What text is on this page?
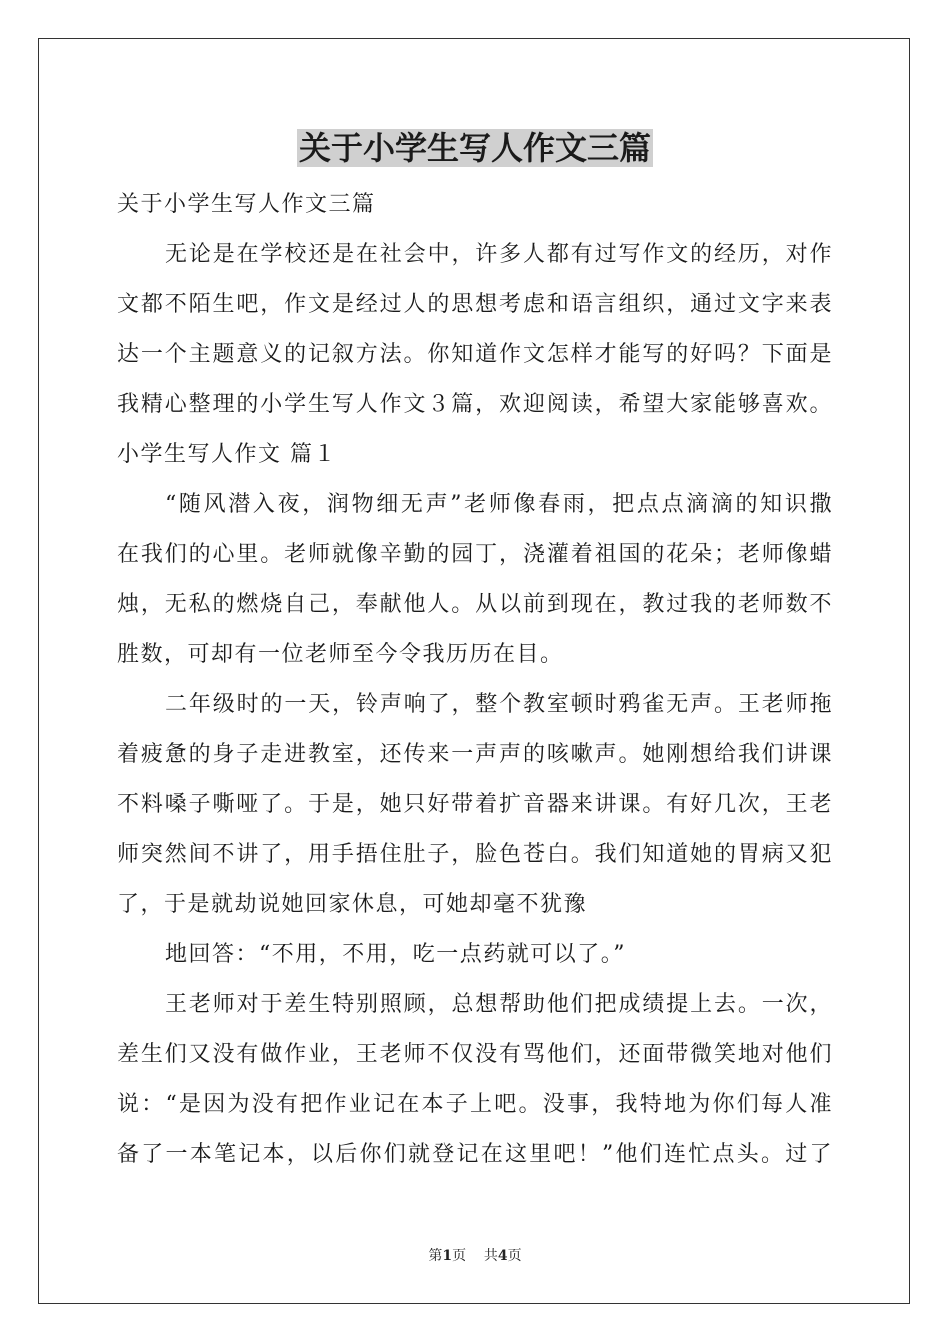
关于小学生写人作文三篇
关于小学生写人作文三篇
无论是在学校还是在社会中，许多人都有过写作文的经历，对作
文都不陌生吧，作文是经过人的思想考虑和语言组织，通过文字来表
达一个主题意义的记叙方法。你知道作文怎样才能写的好吗？下面是
我精心整理的小学生写人作文３篇，欢迎阅读，希望大家能够喜欢。
小学生写人作文 篇１
“随风潜入夜，润物细无声”老师像春雨，把点点滴滴的知识撒
在我们的心里。老师就像辛勤的园丁，浇灌着祖国的花朵；老师像蜡
烛，无私的燃烧自己，奉献他人。从以前到现在，教过我的老师数不
胜数，可却有一位老师至今令我历历在目。
二年级时的一天，铃声响了，整个教室顿时鸦雀无声。王老师拖
着疲惫的身子走进教室，还传来一声声的咳嗽声。她刚想给我们讲课
不料嗓子嘶哑了。于是，她只好带着扩音器来讲课。有好几次，王老
师突然间不讲了，用手捂住肚子，脸色苍白。我们知道她的胃病又犯
了，于是就劫说她回家休息，可她却毫不犹豫
地回答：“不用，不用，吃一点药就可以了。”
王老师对于差生特别照顾，总想帮助他们把成绩提上去。一次，
差生们又没有做作业，王老师不仅没有骂他们，还面带微笑地对他们
说：“是因为没有把作业记在本子上吧。没事，我特地为你们每人准
备了一本笔记本，以后你们就登记在这里吧！”他们连忙点头。过了
第1页 共4页
